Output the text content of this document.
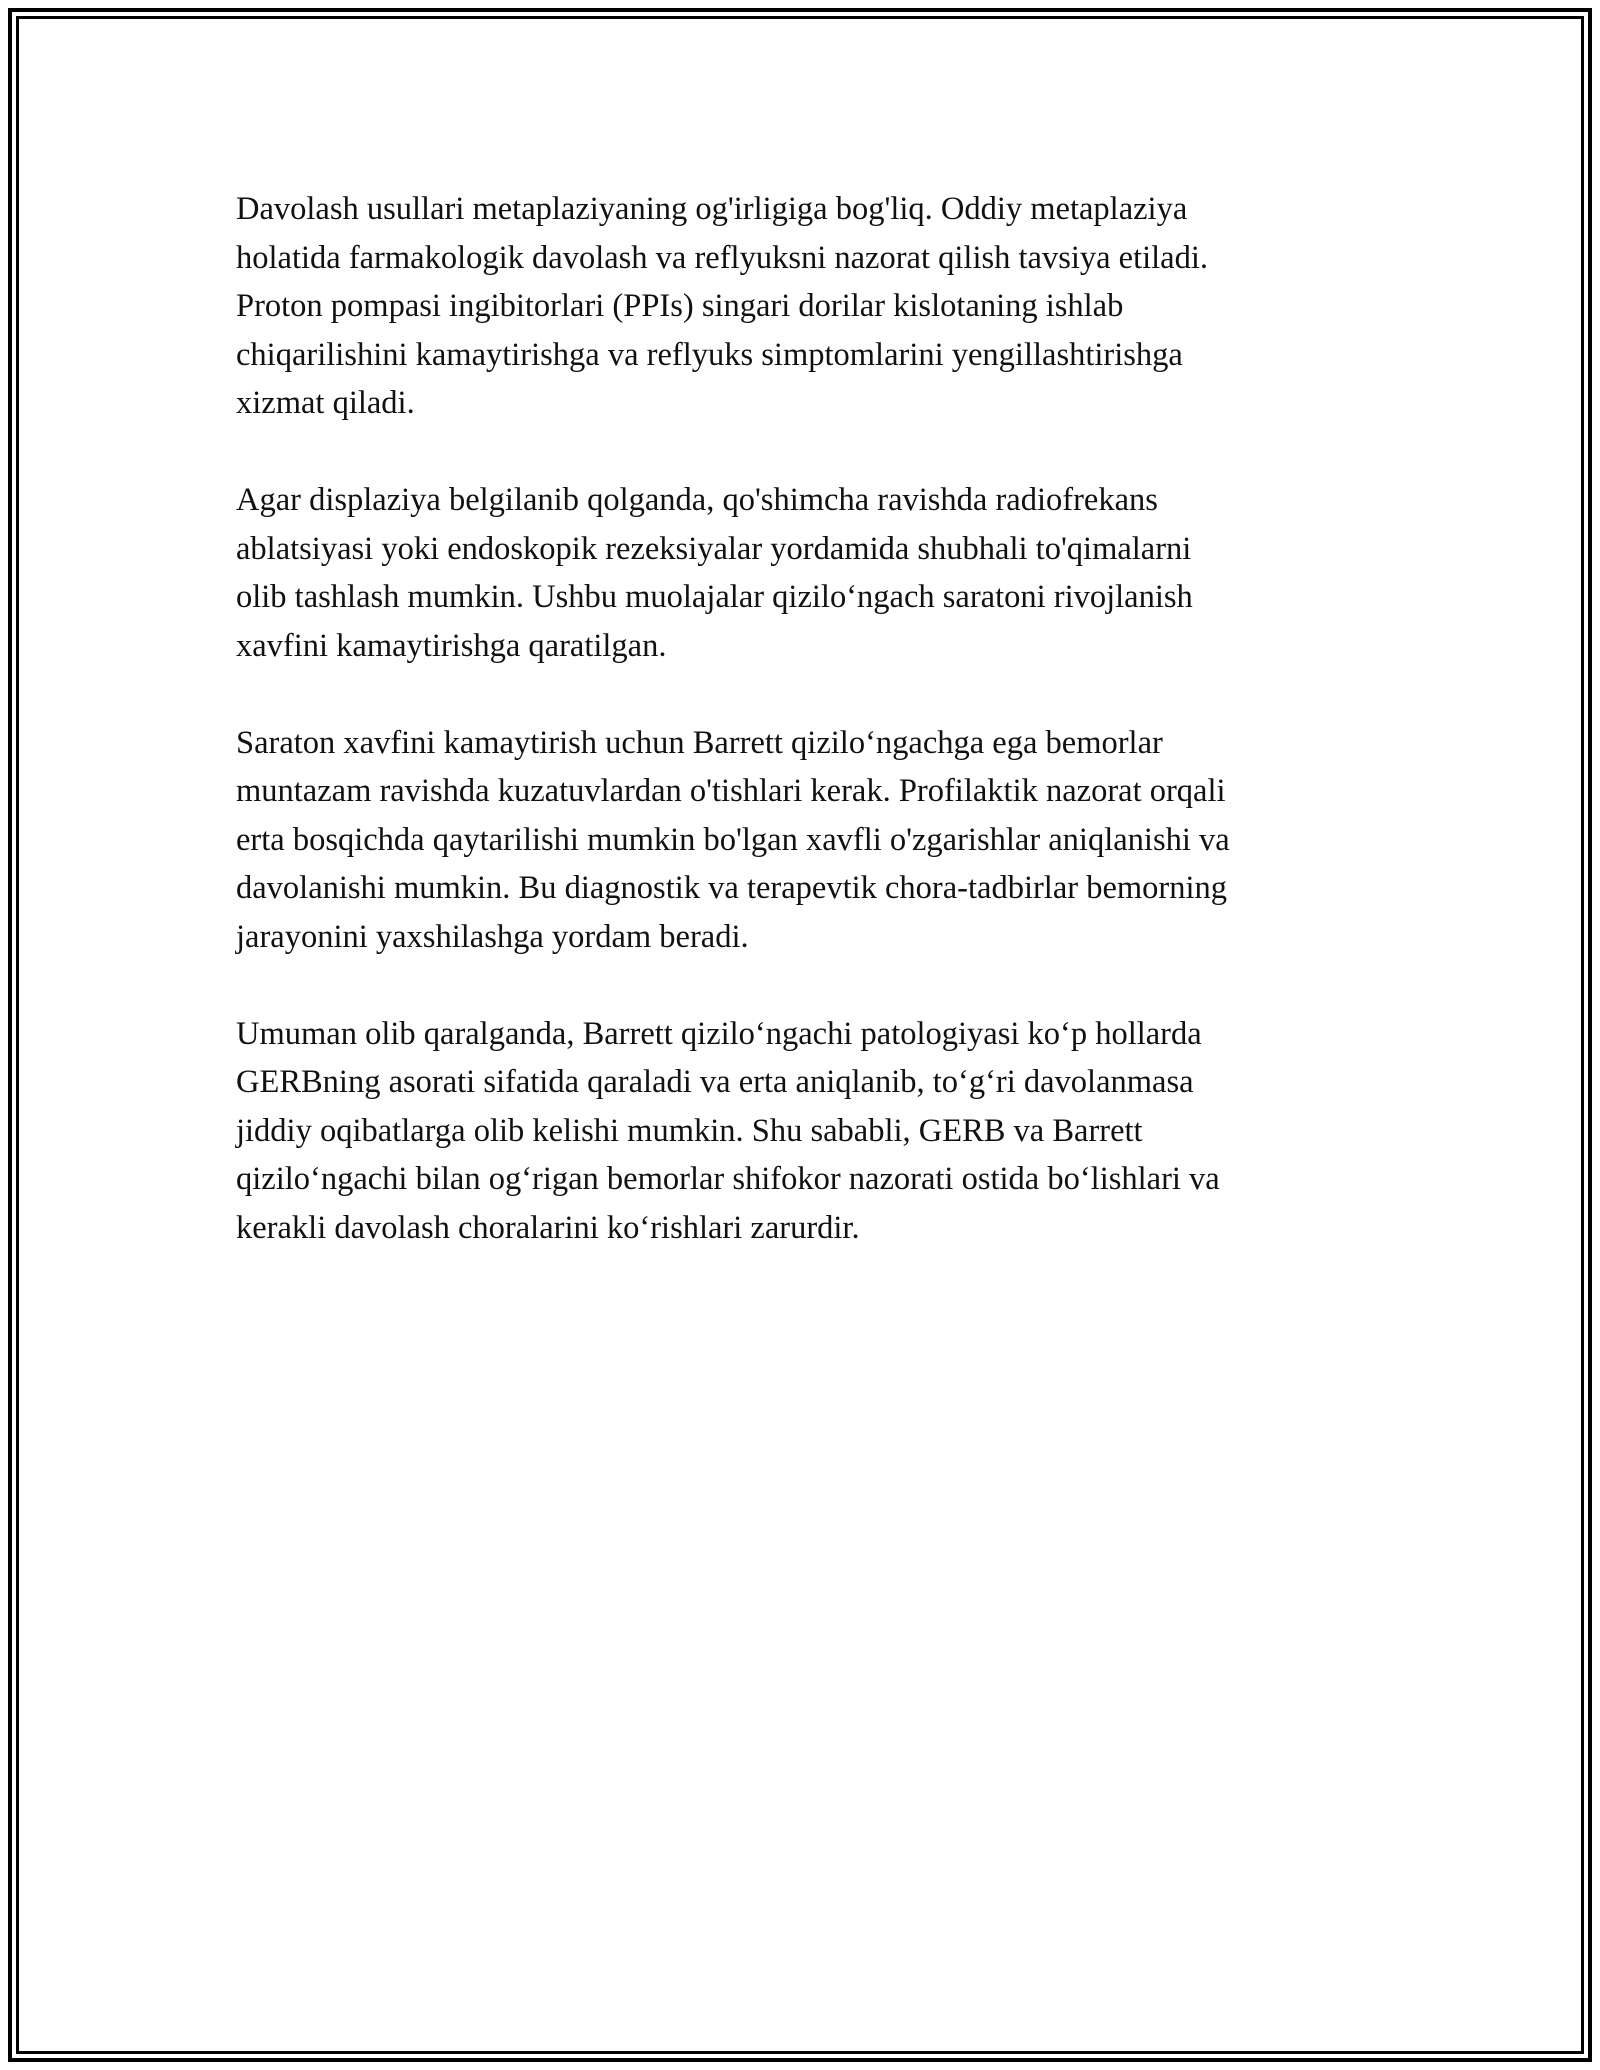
Davolash usullari metaplaziyaning og'irligiga bog'liq. Oddiy metaplaziya
holatida farmakologik davolash va reflyuksni nazorat qilish tavsiya etiladi.
Proton pompasi ingibitorlari (PPIs) singari dorilar kislotaning ishlab
chiqarilishini kamaytirishga va reflyuks simptomlarini yengillashtirishga
xizmat qiladi.

Agar displaziya belgilanib qolganda, qo'shimcha ravishda radiofrekans
ablatsiyasi yoki endoskopik rezeksiyalar yordamida shubhali to'qimalarni
olib tashlash mumkin. Ushbu muolajalar qizilo‘ngach saratoni rivojlanish
xavfini kamaytirishga qaratilgan.

Saraton xavfini kamaytirish uchun Barrett qizilo‘ngachga ega bemorlar
muntazam ravishda kuzatuvlardan o'tishlari kerak. Profilaktik nazorat orqali
erta bosqichda qaytarilishi mumkin bo'lgan xavfli o'zgarishlar aniqlanishi va
davolanishi mumkin. Bu diagnostik va terapevtik chora-tadbirlar bemorning
jarayonini yaxshilashga yordam beradi.

Umuman olib qaralganda, Barrett qizilo‘ngachi patologiyasi ko‘p hollarda
GERBning asorati sifatida qaraladi va erta aniqlanib, to‘g‘ri davolanmasa
jiddiy oqibatlarga olib kelishi mumkin. Shu sababli, GERB va Barrett
qizilo‘ngachi bilan og‘rigan bemorlar shifokor nazorati ostida bo‘lishlari va
kerakli davolash choralarini ko‘rishlari zarurdir.
